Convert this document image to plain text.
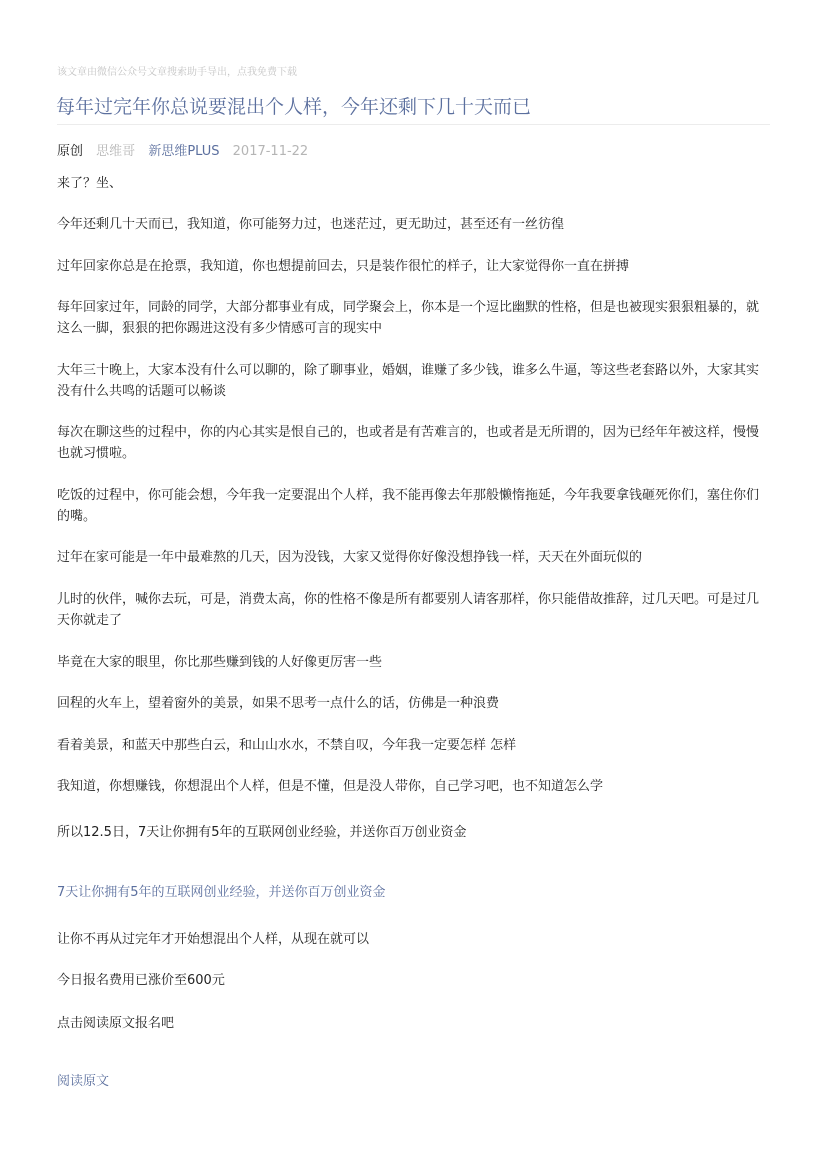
该文章由微信公众号文章搜索助手导出，点我免费下载
每年过完年你总说要混出个人样，今年还剩下几十天而已
原创 思维哥 新思维PLUS 2017-11-22

来了？坐、

今年还剩几十天而已，我知道，你可能努力过，也迷茫过，更无助过，甚至还有一丝彷徨

过年回家你总是在抢票，我知道，你也想提前回去，只是装作很忙的样子，让大家觉得你一直在拼搏

每年回家过年，同龄的同学，大部分都事业有成，同学聚会上，你本是一个逗比幽默的性格，但是也被现实狠狠粗暴的，就这么一脚，狠狠的把你踢进这没有多少情感可言的现实中

大年三十晚上，大家本没有什么可以聊的，除了聊事业，婚姻，谁赚了多少钱，谁多么牛逼，等这些老套路以外，大家其实没有什么共鸣的话题可以畅谈

每次在聊这些的过程中，你的内心其实是恨自己的，也或者是有苦难言的，也或者是无所谓的，因为已经年年被这样，慢慢也就习惯啦。

吃饭的过程中，你可能会想，今年我一定要混出个人样，我不能再像去年那般懒惰拖延，今年我要拿钱砸死你们，塞住你们的嘴。

过年在家可能是一年中最难熬的几天，因为没钱，大家又觉得你好像没想挣钱一样，天天在外面玩似的

儿时的伙伴，喊你去玩，可是，消费太高，你的性格不像是所有都要别人请客那样，你只能借故推辞，过几天吧。可是过几天你就走了

毕竟在大家的眼里，你比那些赚到钱的人好像更厉害一些

回程的火车上，望着窗外的美景，如果不思考一点什么的话，仿佛是一种浪费

看着美景，和蓝天中那些白云，和山山水水，不禁自叹，今年我一定要怎样 怎样

我知道，你想赚钱，你想混出个人样，但是不懂，但是没人带你，自己学习吧，也不知道怎么学

所以12.5日，7天让你拥有5年的互联网创业经验，并送你百万创业资金

7天让你拥有5年的互联网创业经验，并送你百万创业资金

让你不再从过完年才开始想混出个人样，从现在就可以

今日报名费用已涨价至600元

点击阅读原文报名吧

阅读原文
